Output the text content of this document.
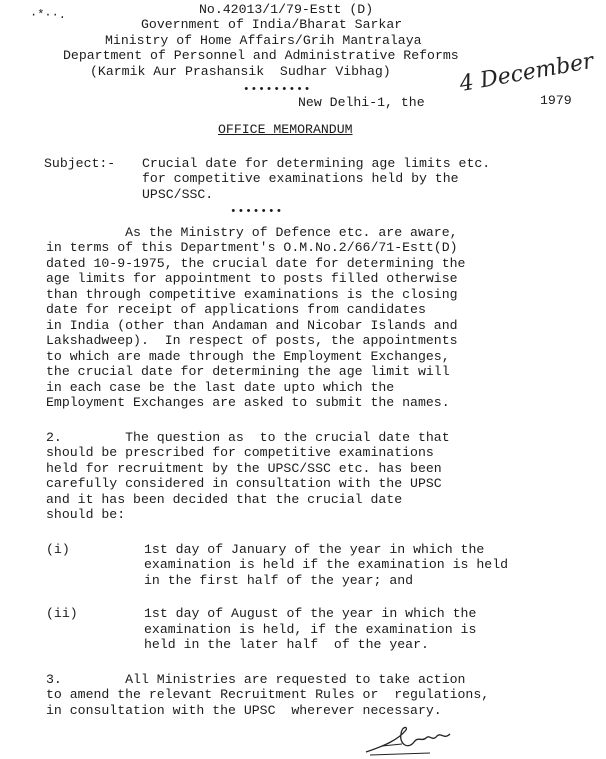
·*··.	No.42013/1/79-Estt (D)
Government of India/Bharat Sarkar
Ministry of Home Affairs/Grih Mantralaya
Department of Personnel and Administrative Reforms
(Karmik Aur Prashansik  Sudhar Vibhag)
•••••••••
New Delhi-1, the
4 December
1979
OFFICE MEMORANDUM
Subject:- Crucial date for determining age limits etc.
for competitive examinations held by the
UPSC/SSC.
•••••••
As the Ministry of Defence etc. are aware,
in terms of this Department's O.M.No.2/66/71-Estt(D)
dated 10-9-1975, the crucial date for determining the
age limits for appointment to posts filled otherwise
than through competitive examinations is the closing
date for receipt of applications from candidates
in India (other than Andaman and Nicobar Islands and
Lakshadweep).  In respect of posts, the appointments
to which are made through the Employment Exchanges,
the crucial date for determining the age limit will
in each case be the last date upto which the
Employment Exchanges are asked to submit the names.
2.        The question as  to the crucial date that
should be prescribed for competitive examinations
held for recruitment by the UPSC/SSC etc. has been
carefully considered in consultation with the UPSC
and it has been decided that the crucial date
should be:
(i)	1st day of January of the year in which the
examination is held if the examination is held
in the first half of the year; and
(ii)	1st day of August of the year in which the
examination is held, if the examination is
held in the later half  of the year.
3.        All Ministries are requested to take action
to amend the relevant Recruitment Rules or  regulations,
in consultation with the UPSC  wherever necessary.
